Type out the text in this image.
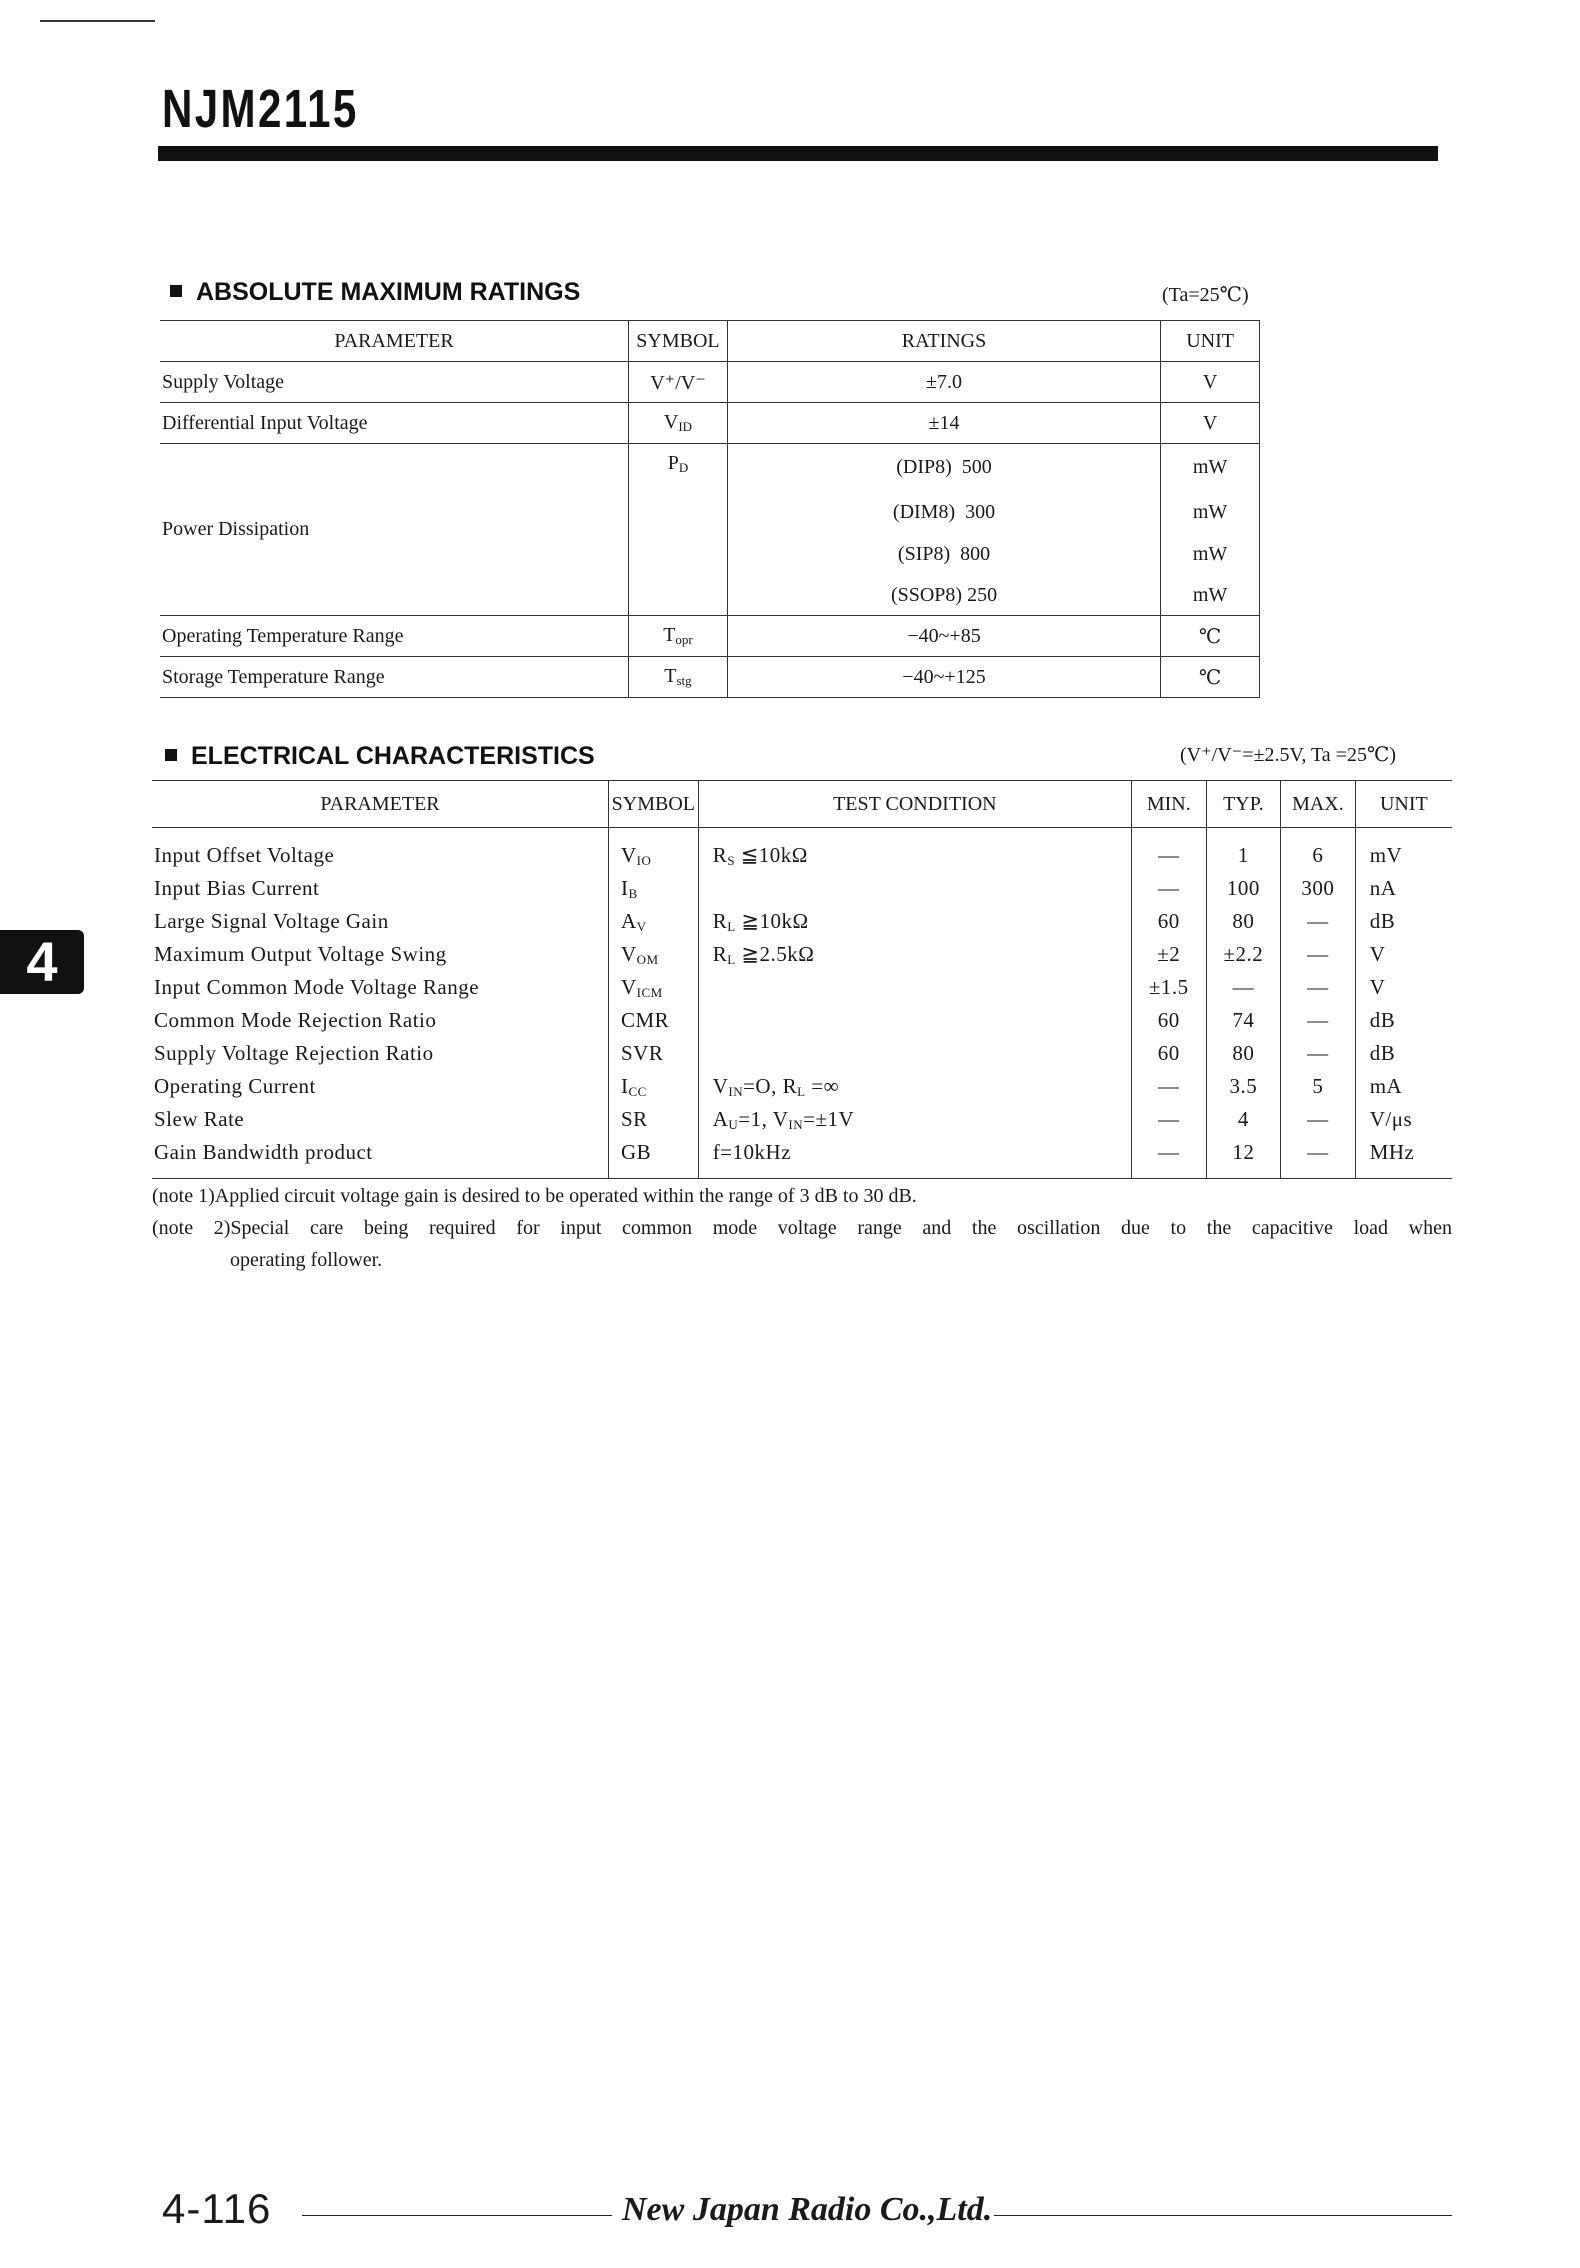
NJM2115
ABSOLUTE MAXIMUM RATINGS	(Ta=25℃)
PARAMETER	SYMBOL	RATINGS	UNIT
Supply Voltage	V⁺/V⁻	±7.0	V
Differential Input Voltage	$V_{ID}$	±14	V
Power Dissipation	$P_D$	(DIP8) 500	mW
		(DIM8) 300	mW
		(SIP8) 800	mW
		(SSOP8) 250	mW
Operating Temperature Range	$T_{opr}$	−40~+85	℃
Storage Temperature Range	$T_{stg}$	−40~+125	℃
ELECTRICAL CHARACTERISTICS	(V⁺/V⁻=±2.5V, Ta =25℃)
PARAMETER	SYMBOL	TEST CONDITION	MIN.	TYP.	MAX.	UNIT
Input Offset Voltage	$V_{IO}$	$R_S$ ≦10kΩ	—	1	6	mV
Input Bias Current	$I_B$		—	100	300	nA
Large Signal Voltage Gain	$A_V$	$R_L$ ≧10kΩ	60	80	—	dB
Maximum Output Voltage Swing	$V_{OM}$	$R_L$ ≧2.5kΩ	±2	±2.2	—	V
Input Common Mode Voltage Range	$V_{ICM}$		±1.5	—	—	V
Common Mode Rejection Ratio	CMR		60	74	—	dB
Supply Voltage Rejection Ratio	SVR		60	80	—	dB
Operating Current	$I_{CC}$	$V_{IN}=O$, $R_L$ =∞	—	3.5	5	mA
Slew Rate	SR	$A_U=1$, $V_{IN}=\pm 1V$	—	4	—	V/μs
Gain Bandwidth product	GB	f=10kHz	—	12	—	MHz
(note 1)Applied circuit voltage gain is desired to be operated within the range of 3 dB to 30 dB.
(note 2)Special care being required for input common mode voltage range and the oscillation due to the capacitive load when
operating follower.
4
4-116	New Japan Radio Co.,Ltd.
